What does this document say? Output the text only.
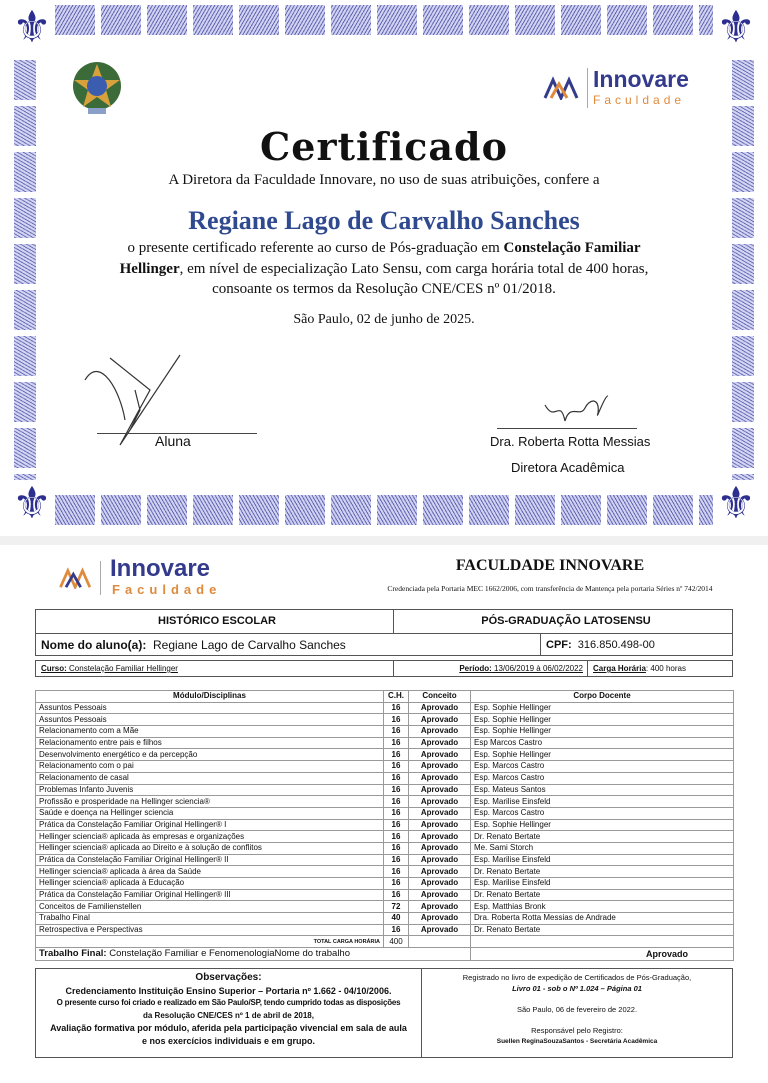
⚜	⚜
⚜	⚜
Innovare
Faculdade
Certificado
A Diretora da Faculdade Innovare, no uso de suas atribuições, confere a
Regiane Lago de Carvalho Sanches
o presente certificado referente ao curso de Pós-graduação em Constelação Familiar
Hellinger, em nível de especialização Lato Sensu, com carga horária total de 400 horas,
consoante os termos da Resolução CNE/CES nº 01/2018.
São Paulo, 02 de junho de 2025.
Aluna	Dra. Roberta Rotta Messias
Diretora Acadêmica
Innovare
Faculdade
FACULDADE INNOVARE
Credenciada pela Portaria MEC 1662/2006, com transferência de Mantença pela portaria Séries nº 742/2014
HISTÓRICO ESCOLAR	PÓS-GRADUAÇÃO LATOSENSU
Nome do aluno(a): Regiane Lago de Carvalho Sanches	CPF: 316.850.498-00
Curso: Constelação Familiar Hellinger	Período: 13/06/2019 à 06/02/2022	Carga Horária: 400 horas
Módulo/Disciplinas	C.H.	Conceito	Corpo Docente
Assuntos Pessoais	16	Aprovado	Esp. Sophie Hellinger
Assuntos Pessoais	16	Aprovado	Esp. Sophie Hellinger
Relacionamento com a Mãe	16	Aprovado	Esp. Sophie Hellinger
Relacionamento entre pais e filhos	16	Aprovado	Esp Marcos Castro
Desenvolvimento energético e da percepção	16	Aprovado	Esp. Sophie Hellinger
Relacionamento com o pai	16	Aprovado	Esp. Marcos Castro
Relacionamento de casal	16	Aprovado	Esp. Marcos Castro
Problemas Infanto Juvenis	16	Aprovado	Esp. Mateus Santos
Profissão e prosperidade na Hellinger sciencia®	16	Aprovado	Esp. Marilise Einsfeld
Saúde e doença na Hellinger sciencia	16	Aprovado	Esp. Marcos Castro
Prática da Constelação Familiar Original Hellinger® I	16	Aprovado	Esp. Sophie Hellinger
Hellinger sciencia® aplicada às empresas e organizações	16	Aprovado	Dr. Renato Bertate
Hellinger sciencia® aplicada ao Direito e à solução de conflitos	16	Aprovado	Me. Sami Storch
Prática da Constelação Familiar Original Hellinger® II	16	Aprovado	Esp. Marilise Einsfeld
Hellinger sciencia® aplicada à área da Saúde	16	Aprovado	Dr. Renato Bertate
Hellinger sciencia® aplicada à Educação	16	Aprovado	Esp. Marilise Einsfeld
Prática da Constelação Familiar Original Hellinger® III	16	Aprovado	Dr. Renato Bertate
Conceitos de Familienstellen	72	Aprovado	Esp. Matthias Bronk
Trabalho Final	40	Aprovado	Dra. Roberta Rotta Messias de Andrade
Retrospectiva e Perspectivas	16	Aprovado	Dr. Renato Bertate
TOTAL CARGA HORÁRIA	400		
Trabalho Final: Constelação Familiar e FenomenologiaNome do trabalho			Aprovado
Observações:
Credenciamento Instituição Ensino Superior – Portaria nº 1.662 - 04/10/2006.
O presente curso foi criado e realizado em São Paulo/SP, tendo cumprido todas as disposições
da Resolução CNE/CES nº 1 de abril de 2018,
Avaliação formativa por módulo, aferida pela participação vivencial em sala de aula
e nos exercícios individuais e em grupo.
Registrado no livro de expedição de Certificados de Pós-Graduação,
Livro 01 - sob o Nº 1.024 – Página 01
São Paulo, 06 de fevereiro de 2022.
Responsável pelo Registro:
Suellen ReginaSouzaSantos - Secretária Acadêmica
